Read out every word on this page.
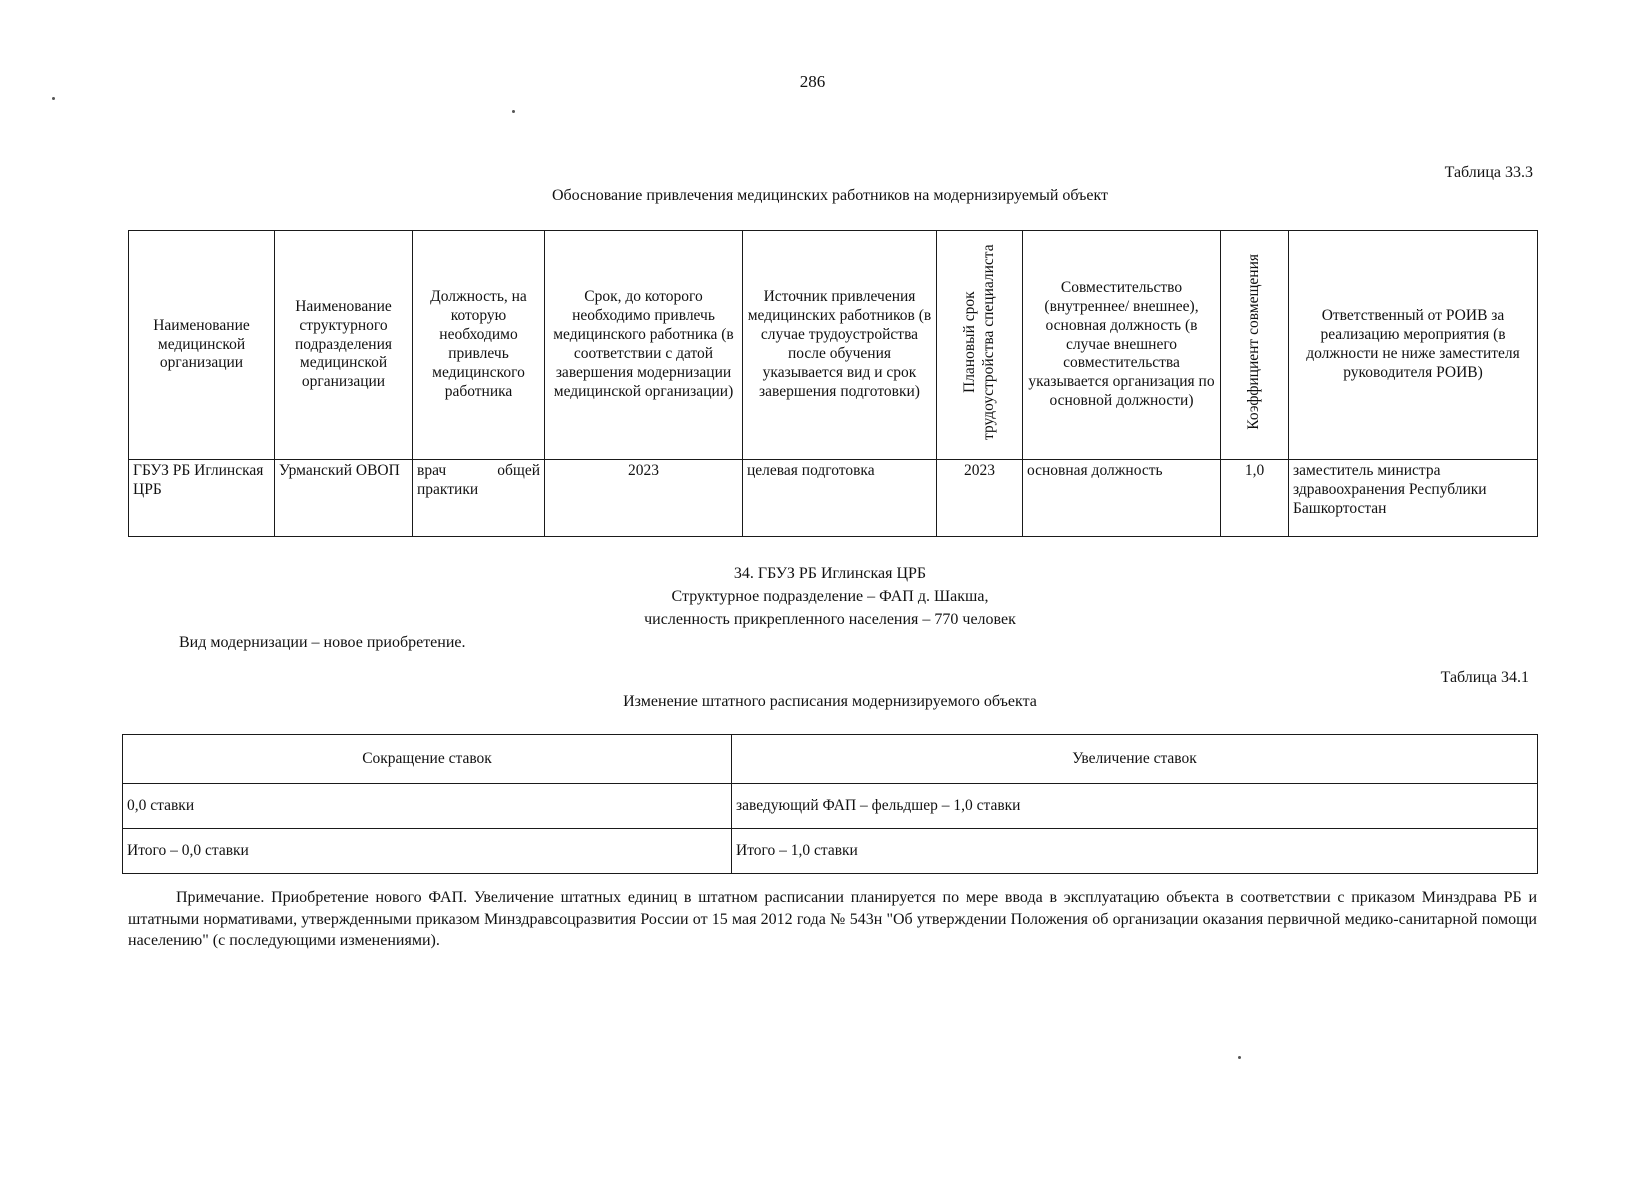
286
Таблица 33.3
Обоснование привлечения медицинских работников на модернизируемый объект
Наименование медицинской организации	Наименование структурного подразделения медицинской организации	Должность, на которую необходимо привлечь медицинского работника	Срок, до которого необходимо привлечь медицинского работника (в соответствии с датой завершения модернизации медицинской организации)	Источник привлечения медицинских работников (в случае трудоустройства после обучения указывается вид и срок завершения подготовки)	Плановый срок трудоустройства специалиста	Совместительство (внутреннее/ внешнее), основная должность (в случае внешнего совместительства указывается организация по основной должности)	Коэффициент совмещения	Ответственный от РОИВ за реализацию мероприятия (в должности не ниже заместителя руководителя РОИВ)
ГБУЗ РБ Иглинская ЦРБ	Урманский ОВОП	врач общей практики	2023	целевая подготовка	2023	основная должность	1,0	заместитель министра здравоохранения Республики Башкортостан
34. ГБУЗ РБ Иглинская ЦРБ
Структурное подразделение – ФАП д. Шакша,
численность прикрепленного населения – 770 человек
Вид модернизации – новое приобретение.
Таблица 34.1
Изменение штатного расписания модернизируемого объекта
Сокращение ставок	Увеличение ставок
0,0 ставки	заведующий ФАП – фельдшер – 1,0 ставки
Итого – 0,0 ставки	Итого – 1,0 ставки
Примечание. Приобретение нового ФАП. Увеличение штатных единиц в штатном расписании планируется по мере ввода в эксплуатацию объекта в соответствии с приказом Минздрава РБ и штатными нормативами, утвержденными приказом Минздравсоцразвития России от 15 мая 2012 года № 543н "Об утверждении Положения об организации оказания первичной медико-санитарной помощи населению" (с последующими изменениями).
